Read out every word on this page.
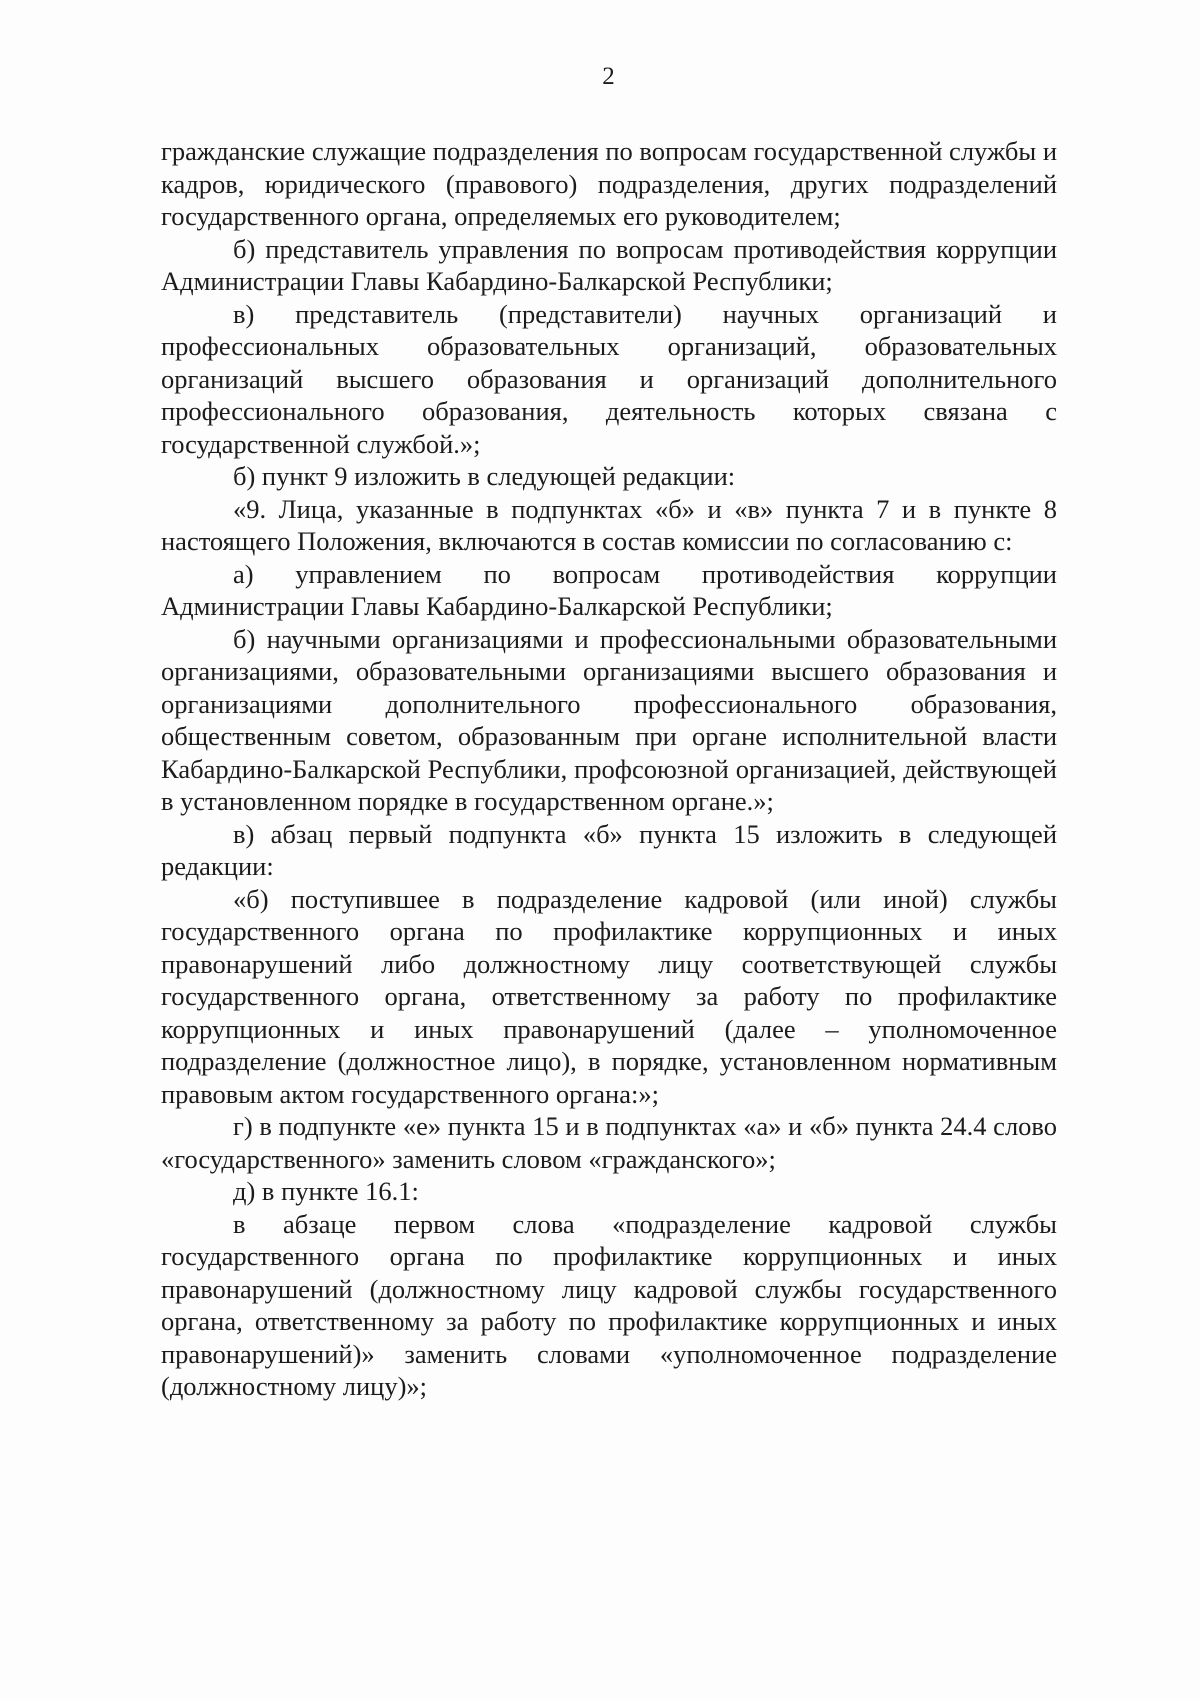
2

гражданские служащие подразделения по вопросам государственной службы и кадров, юридического (правового) подразделения, других подразделений государственного органа, определяемых его руководителем;

б) представитель управления по вопросам противодействия коррупции Администрации Главы Кабардино-Балкарской Республики;

в) представитель (представители) научных организаций и профессиональных образовательных организаций, образовательных организаций высшего образования и организаций дополнительного профессионального образования, деятельность которых связана с государственной службой.»;

б) пункт 9 изложить в следующей редакции:

«9. Лица, указанные в подпунктах «б» и «в» пункта 7 и в пункте 8 настоящего Положения, включаются в состав комиссии по согласованию с:

а) управлением по вопросам противодействия коррупции Администрации Главы Кабардино-Балкарской Республики;

б) научными организациями и профессиональными образовательными организациями, образовательными организациями высшего образования и организациями дополнительного профессионального образования, общественным советом, образованным при органе исполнительной власти Кабардино-Балкарской Республики, профсоюзной организацией, действующей в установленном порядке в государственном органе.»;

в) абзац первый подпункта «б» пункта 15 изложить в следующей редакции:

«б) поступившее в подразделение кадровой (или иной) службы государственного органа по профилактике коррупционных и иных правонарушений либо должностному лицу соответствующей службы государственного органа, ответственному за работу по профилактике коррупционных и иных правонарушений (далее – уполномоченное подразделение (должностное лицо), в порядке, установленном нормативным правовым актом государственного органа:»;

г) в подпункте «е» пункта 15 и в подпунктах «а» и «б» пункта 24.4 слово «государственного» заменить словом «гражданского»;

д) в пункте 16.1:

в абзаце первом слова «подразделение кадровой службы государственного органа по профилактике коррупционных и иных правонарушений (должностному лицу кадровой службы государственного органа, ответственному за работу по профилактике коррупционных и иных правонарушений)» заменить словами «уполномоченное подразделение (должностному лицу)»;
